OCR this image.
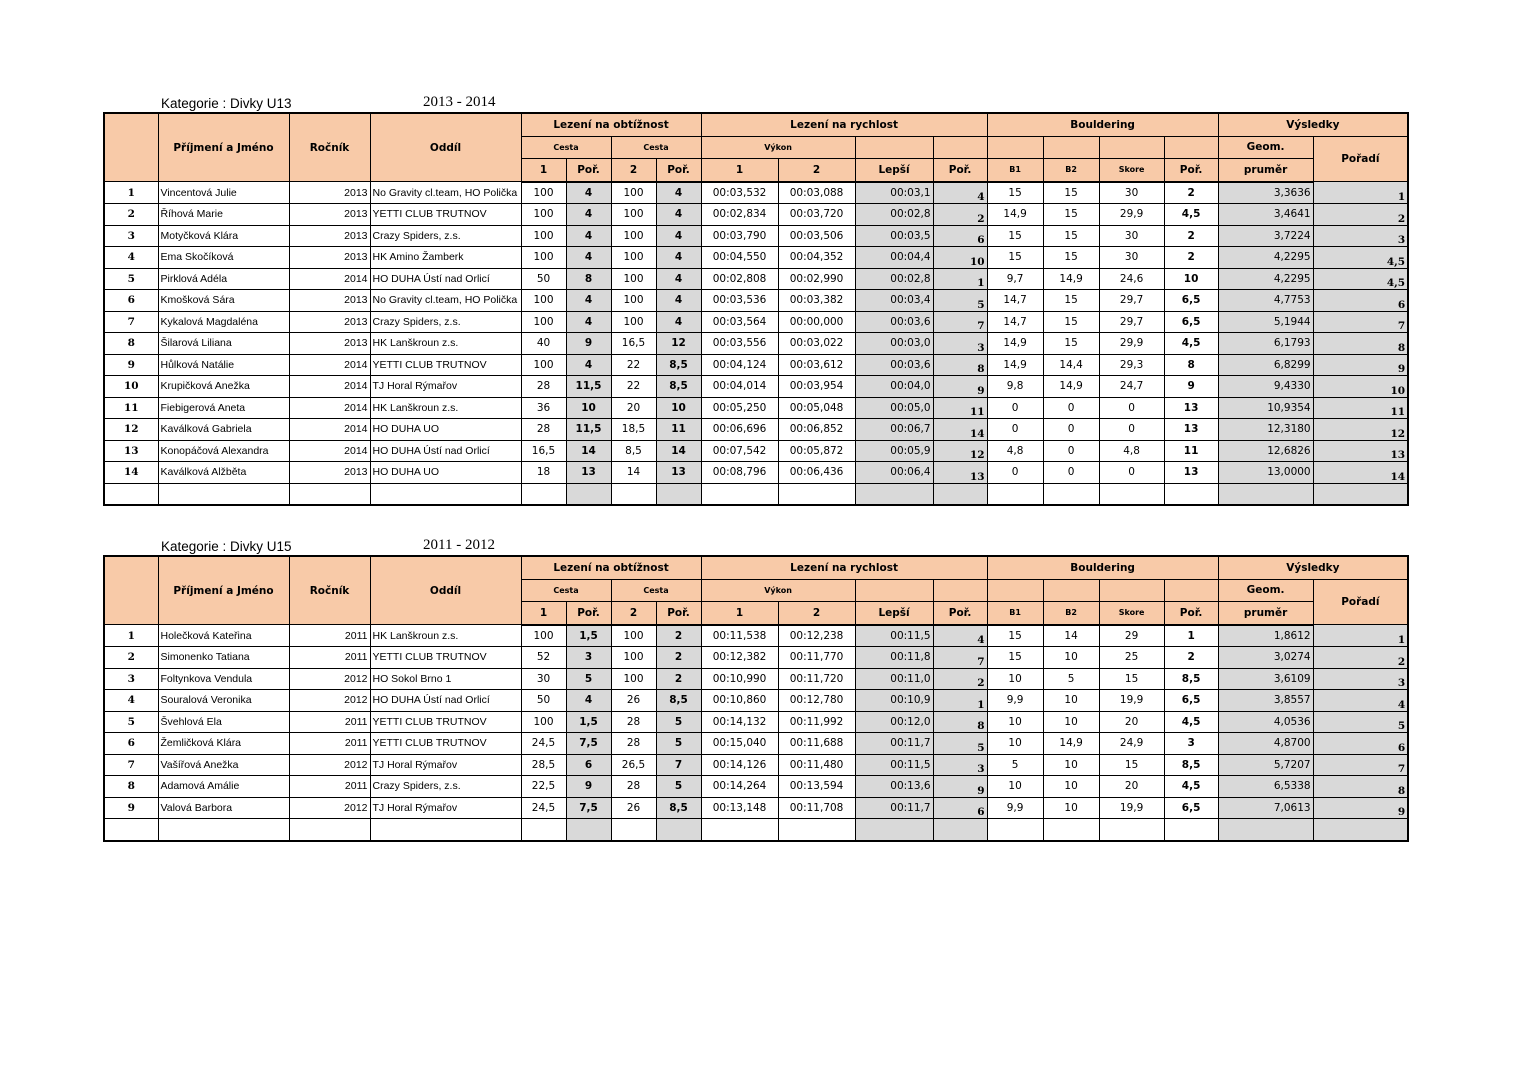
Kategorie : Divky U13	2013 - 2014
	Příjmení a Jméno	Ročník	Oddíl	Lezení na obtížnost				Lezení na rychlost				Bouldering				Výsledky	
				Cesta		Cesta		Výkon								Geom.	Pořadí
				1	Poř.	2	Poř.	1	2	Lepší	Poř.	B1	B2	Skore	Poř.	pruměr	
1	Vincentová Julie	2013	No Gravity cl.team, HO Polička	100	4	100	4	00:03,532	00:03,088	00:03,1	4	15	15	30	2	3,3636	1
2	Říhová Marie	2013	YETTI CLUB TRUTNOV	100	4	100	4	00:02,834	00:03,720	00:02,8	2	14,9	15	29,9	4,5	3,4641	2
3	Motyčková Klára	2013	Crazy Spiders, z.s.	100	4	100	4	00:03,790	00:03,506	00:03,5	6	15	15	30	2	3,7224	3
4	Ema Skočíková	2013	HK Amino Žamberk	100	4	100	4	00:04,550	00:04,352	00:04,4	10	15	15	30	2	4,2295	4,5
5	Pirklová Adéla	2014	HO DUHA Ústí nad Orlicí	50	8	100	4	00:02,808	00:02,990	00:02,8	1	9,7	14,9	24,6	10	4,2295	4,5
6	Kmošková Sára	2013	No Gravity cl.team, HO Polička	100	4	100	4	00:03,536	00:03,382	00:03,4	5	14,7	15	29,7	6,5	4,7753	6
7	Kykalová Magdaléna	2013	Crazy Spiders, z.s.	100	4	100	4	00:03,564	00:00,000	00:03,6	7	14,7	15	29,7	6,5	5,1944	7
8	Šilarová Liliana	2013	HK Lanškroun z.s.	40	9	16,5	12	00:03,556	00:03,022	00:03,0	3	14,9	15	29,9	4,5	6,1793	8
9	Hůlková Natálie	2014	YETTI CLUB TRUTNOV	100	4	22	8,5	00:04,124	00:03,612	00:03,6	8	14,9	14,4	29,3	8	6,8299	9
10	Krupičková Anežka	2014	TJ Horal Rýmařov	28	11,5	22	8,5	00:04,014	00:03,954	00:04,0	9	9,8	14,9	24,7	9	9,4330	10
11	Fiebigerová Aneta	2014	HK Lanškroun z.s.	36	10	20	10	00:05,250	00:05,048	00:05,0	11	0	0	0	13	10,9354	11
12	Kaválková Gabriela	2014	HO DUHA UO	28	11,5	18,5	11	00:06,696	00:06,852	00:06,7	14	0	0	0	13	12,3180	12
13	Konopáčová Alexandra	2014	HO DUHA Ústí nad Orlicí	16,5	14	8,5	14	00:07,542	00:05,872	00:05,9	12	4,8	0	4,8	11	12,6826	13
14	Kaválková Alžběta	2013	HO DUHA UO	18	13	14	13	00:08,796	00:06,436	00:06,4	13	0	0	0	13	13,0000	14

Kategorie : Divky U15	2011 - 2012
	Příjmení a Jméno	Ročník	Oddíl	Lezení na obtížnost				Lezení na rychlost				Bouldering				Výsledky	
				Cesta		Cesta		Výkon								Geom.	Pořadí
				1	Poř.	2	Poř.	1	2	Lepší	Poř.	B1	B2	Skore	Poř.	pruměr	
1	Holečková Kateřina	2011	HK Lanškroun z.s.	100	1,5	100	2	00:11,538	00:12,238	00:11,5	4	15	14	29	1	1,8612	1
2	Simonenko Tatiana	2011	YETTI CLUB TRUTNOV	52	3	100	2	00:12,382	00:11,770	00:11,8	7	15	10	25	2	3,0274	2
3	Foltynkova Vendula	2012	HO Sokol Brno 1	30	5	100	2	00:10,990	00:11,720	00:11,0	2	10	5	15	8,5	3,6109	3
4	Souralová Veronika	2012	HO DUHA Ústí nad Orlicí	50	4	26	8,5	00:10,860	00:12,780	00:10,9	1	9,9	10	19,9	6,5	3,8557	4
5	Švehlová Ela	2011	YETTI CLUB TRUTNOV	100	1,5	28	5	00:14,132	00:11,992	00:12,0	8	10	10	20	4,5	4,0536	5
6	Žemličková Klára	2011	YETTI CLUB TRUTNOV	24,5	7,5	28	5	00:15,040	00:11,688	00:11,7	5	10	14,9	24,9	3	4,8700	6
7	Vašířová Anežka	2012	TJ Horal Rýmařov	28,5	6	26,5	7	00:14,126	00:11,480	00:11,5	3	5	10	15	8,5	5,7207	7
8	Adamová Amálie	2011	Crazy Spiders, z.s.	22,5	9	28	5	00:14,264	00:13,594	00:13,6	9	10	10	20	4,5	6,5338	8
9	Valová Barbora	2012	TJ Horal Rýmařov	24,5	7,5	26	8,5	00:13,148	00:11,708	00:11,7	6	9,9	10	19,9	6,5	7,0613	9
